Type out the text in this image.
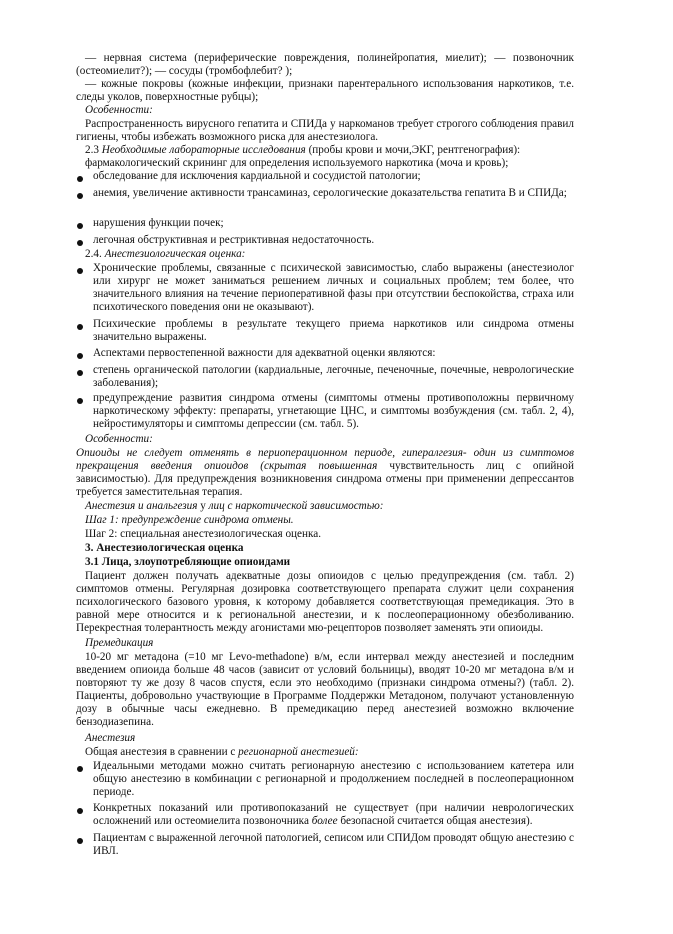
— нервная система (периферические повреждения, полинейропатия, миелит); — позвоночник (остеомиелит?); — сосуды (тромбофлебит? );

— кожные покровы (кожные инфекции, признаки парентерального использования наркотиков, т.е. следы уколов, поверхностные рубцы);

Особенности:

Распространенность вирусного гепатита и СПИДа у наркоманов требует строгого соблюдения правил гигиены, чтобы избежать возможного риска для анестезиолога.

2.3 Необходимые лабораторные исследования (пробы крови и мочи,ЭКГ, рентгенография):

фармакологический скрининг для определения используемого наркотика (моча и кровь);

обследование для исключения кардиальной и сосудистой патологии;

анемия, увеличение активности трансаминаз, серологические доказательства гепатита В и СПИДа;

нарушения функции почек;

легочная обструктивная и рестриктивная недостаточность.

2.4. Анестезиологическая оценка:

Хронические проблемы, связанные с психической зависимостью, слабо выражены (анестезиолог или хирург не может заниматься решением личных и социальных проблем; тем более, что значительного влияния на течение периоперативной фазы при отсутствии беспокойства, страха или психотического поведения они не оказывают).

Психические проблемы в результате текущего приема наркотиков или синдрома отмены значительно выражены.

Аспектами первостепенной важности для адекватной оценки являются:

степень органической патологии (кардиальные, легочные, печеночные, почечные, неврологические заболевания);

предупреждение развития синдрома отмены (симптомы отмены противоположны первичному наркотическому эффекту: препараты, угнетающие ЦНС, и симптомы возбуждения (см. табл. 2, 4), нейростимуляторы и симптомы депрессии (см. табл. 5).

Особенности:

Опиоиды не следует отменять в периоперационном периоде, гипералгезия- один из симптомов прекращения введения опиоидов (скрытая повышенная чувствительность лиц с опийной зависимостью). Для предупреждения возникновения синдрома отмены при применении депрессантов требуется заместительная терапия.

Анестезия и анальгезия у лиц с наркотической зависимостью:

Шаг 1: предупреждение синдрома отмены.

Шаг 2: специальная анестезиологическая оценка.

3. Анестезиологическая оценка

3.1 Лица, злоупотребляющие опиоидами

Пациент должен получать адекватные дозы опиоидов с целью предупреждения (см. табл. 2) симптомов отмены. Регулярная дозировка соответствующего препарата служит цели сохранения психологического базового уровня, к которому добавляется соответствующая премедикация. Это в равной мере относится и к региональной анестезии, и к послеоперационному обезболиванию. Перекрестная толерантность между агонистами мю-рецепторов позволяет заменять эти опиоиды.

Премедикация

10-20 мг метадона (=10 мг Levo-methadone) в/м, если интервал между анестезией и последним введением опиоида больше 48 часов (зависит от условий больницы), вводят 10-20 мг метадона в/м и повторяют ту же дозу 8 часов спустя, если это необходимо (признаки синдрома отмены?) (табл. 2). Пациенты, добровольно участвующие в Программе Поддержки Метадоном, получают установленную дозу в обычные часы ежедневно. В премедикацию перед анестезией возможно включение бензодиазепина.

Анестезия

Общая анестезия в сравнении с регионарной анестезией:

Идеальными методами можно считать регионарную анестезию с использованием катетера или общую анестезию в комбинации с регионарной и продолжением последней в послеоперационном периоде.

Конкретных показаний или противопоказаний не существует (при наличии неврологических осложнений или остеомиелита позвоночника более безопасной считается общая анестезия).

Пациентам с выраженной легочной патологией, сеписом или СПИДом проводят общую анестезию с ИВЛ.
